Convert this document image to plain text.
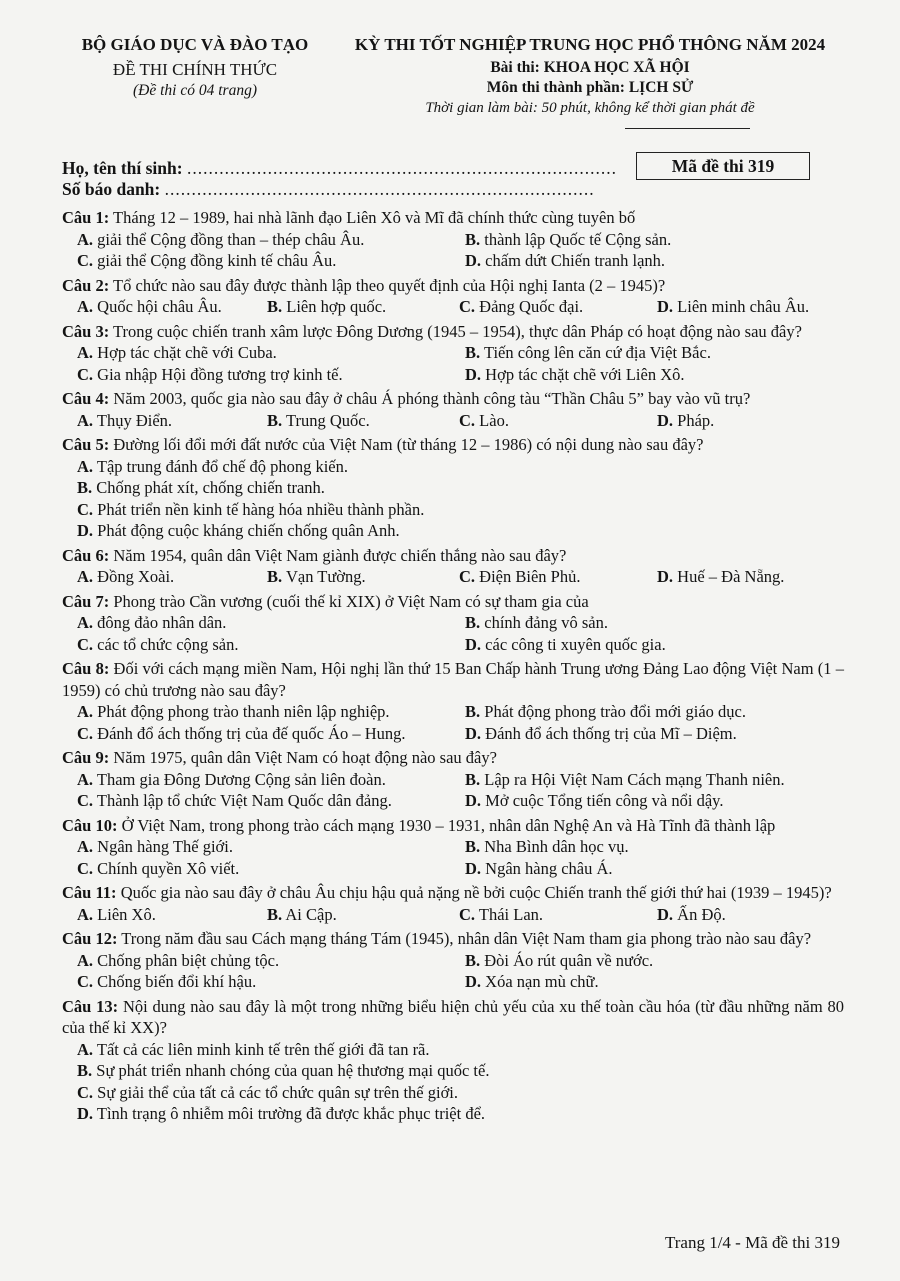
BỘ GIÁO DỤC VÀ ĐÀO TẠO
ĐỀ THI CHÍNH THỨC
(Đề thi có 04 trang)
KỲ THI TỐT NGHIỆP TRUNG HỌC PHỔ THÔNG NĂM 2024
Bài thi: KHOA HỌC XÃ HỘI
Môn thi thành phần: LỊCH SỬ
Thời gian làm bài: 50 phút, không kể thời gian phát đề
Họ, tên thí sinh: ................................................................................
Số báo danh: ................................................................................
Mã đề thi 319
Câu 1: Tháng 12 – 1989, hai nhà lãnh đạo Liên Xô và Mĩ đã chính thức cùng tuyên bố
A. giải thể Cộng đồng than – thép châu Âu.	B. thành lập Quốc tế Cộng sản.
C. giải thể Cộng đồng kinh tế châu Âu.	D. chấm dứt Chiến tranh lạnh.
Câu 2: Tổ chức nào sau đây được thành lập theo quyết định của Hội nghị Ianta (2 – 1945)?
A. Quốc hội châu Âu.	B. Liên hợp quốc.	C. Đảng Quốc đại.	D. Liên minh châu Âu.
Câu 3: Trong cuộc chiến tranh xâm lược Đông Dương (1945 – 1954), thực dân Pháp có hoạt động nào sau đây?
A. Hợp tác chặt chẽ với Cuba.	B. Tiến công lên căn cứ địa Việt Bắc.
C. Gia nhập Hội đồng tương trợ kinh tế.	D. Hợp tác chặt chẽ với Liên Xô.
Câu 4: Năm 2003, quốc gia nào sau đây ở châu Á phóng thành công tàu “Thần Châu 5” bay vào vũ trụ?
A. Thụy Điển.	B. Trung Quốc.	C. Lào.	D. Pháp.
Câu 5: Đường lối đổi mới đất nước của Việt Nam (từ tháng 12 – 1986) có nội dung nào sau đây?
A. Tập trung đánh đổ chế độ phong kiến.
B. Chống phát xít, chống chiến tranh.
C. Phát triển nền kinh tế hàng hóa nhiều thành phần.
D. Phát động cuộc kháng chiến chống quân Anh.
Câu 6: Năm 1954, quân dân Việt Nam giành được chiến thắng nào sau đây?
A. Đồng Xoài.	B. Vạn Tường.	C. Điện Biên Phủ.	D. Huế – Đà Nẵng.
Câu 7: Phong trào Cần vương (cuối thế kỉ XIX) ở Việt Nam có sự tham gia của
A. đông đảo nhân dân.	B. chính đảng vô sản.
C. các tổ chức cộng sản.	D. các công ti xuyên quốc gia.
Câu 8: Đối với cách mạng miền Nam, Hội nghị lần thứ 15 Ban Chấp hành Trung ương Đảng Lao động Việt Nam (1 – 1959) có chủ trương nào sau đây?
A. Phát động phong trào thanh niên lập nghiệp.	B. Phát động phong trào đổi mới giáo dục.
C. Đánh đổ ách thống trị của đế quốc Áo – Hung.	D. Đánh đổ ách thống trị của Mĩ – Diệm.
Câu 9: Năm 1975, quân dân Việt Nam có hoạt động nào sau đây?
A. Tham gia Đông Dương Cộng sản liên đoàn.	B. Lập ra Hội Việt Nam Cách mạng Thanh niên.
C. Thành lập tổ chức Việt Nam Quốc dân đảng.	D. Mở cuộc Tổng tiến công và nổi dậy.
Câu 10: Ở Việt Nam, trong phong trào cách mạng 1930 – 1931, nhân dân Nghệ An và Hà Tĩnh đã thành lập
A. Ngân hàng Thế giới.	B. Nha Bình dân học vụ.
C. Chính quyền Xô viết.	D. Ngân hàng châu Á.
Câu 11: Quốc gia nào sau đây ở châu Âu chịu hậu quả nặng nề bởi cuộc Chiến tranh thế giới thứ hai (1939 – 1945)?
A. Liên Xô.	B. Ai Cập.	C. Thái Lan.	D. Ấn Độ.
Câu 12: Trong năm đầu sau Cách mạng tháng Tám (1945), nhân dân Việt Nam tham gia phong trào nào sau đây?
A. Chống phân biệt chủng tộc.	B. Đòi Áo rút quân về nước.
C. Chống biến đổi khí hậu.	D. Xóa nạn mù chữ.
Câu 13: Nội dung nào sau đây là một trong những biểu hiện chủ yếu của xu thế toàn cầu hóa (từ đầu những năm 80 của thế kỉ XX)?
A. Tất cả các liên minh kinh tế trên thế giới đã tan rã.
B. Sự phát triển nhanh chóng của quan hệ thương mại quốc tế.
C. Sự giải thể của tất cả các tổ chức quân sự trên thế giới.
D. Tình trạng ô nhiễm môi trường đã được khắc phục triệt để.
Trang 1/4 - Mã đề thi 319
